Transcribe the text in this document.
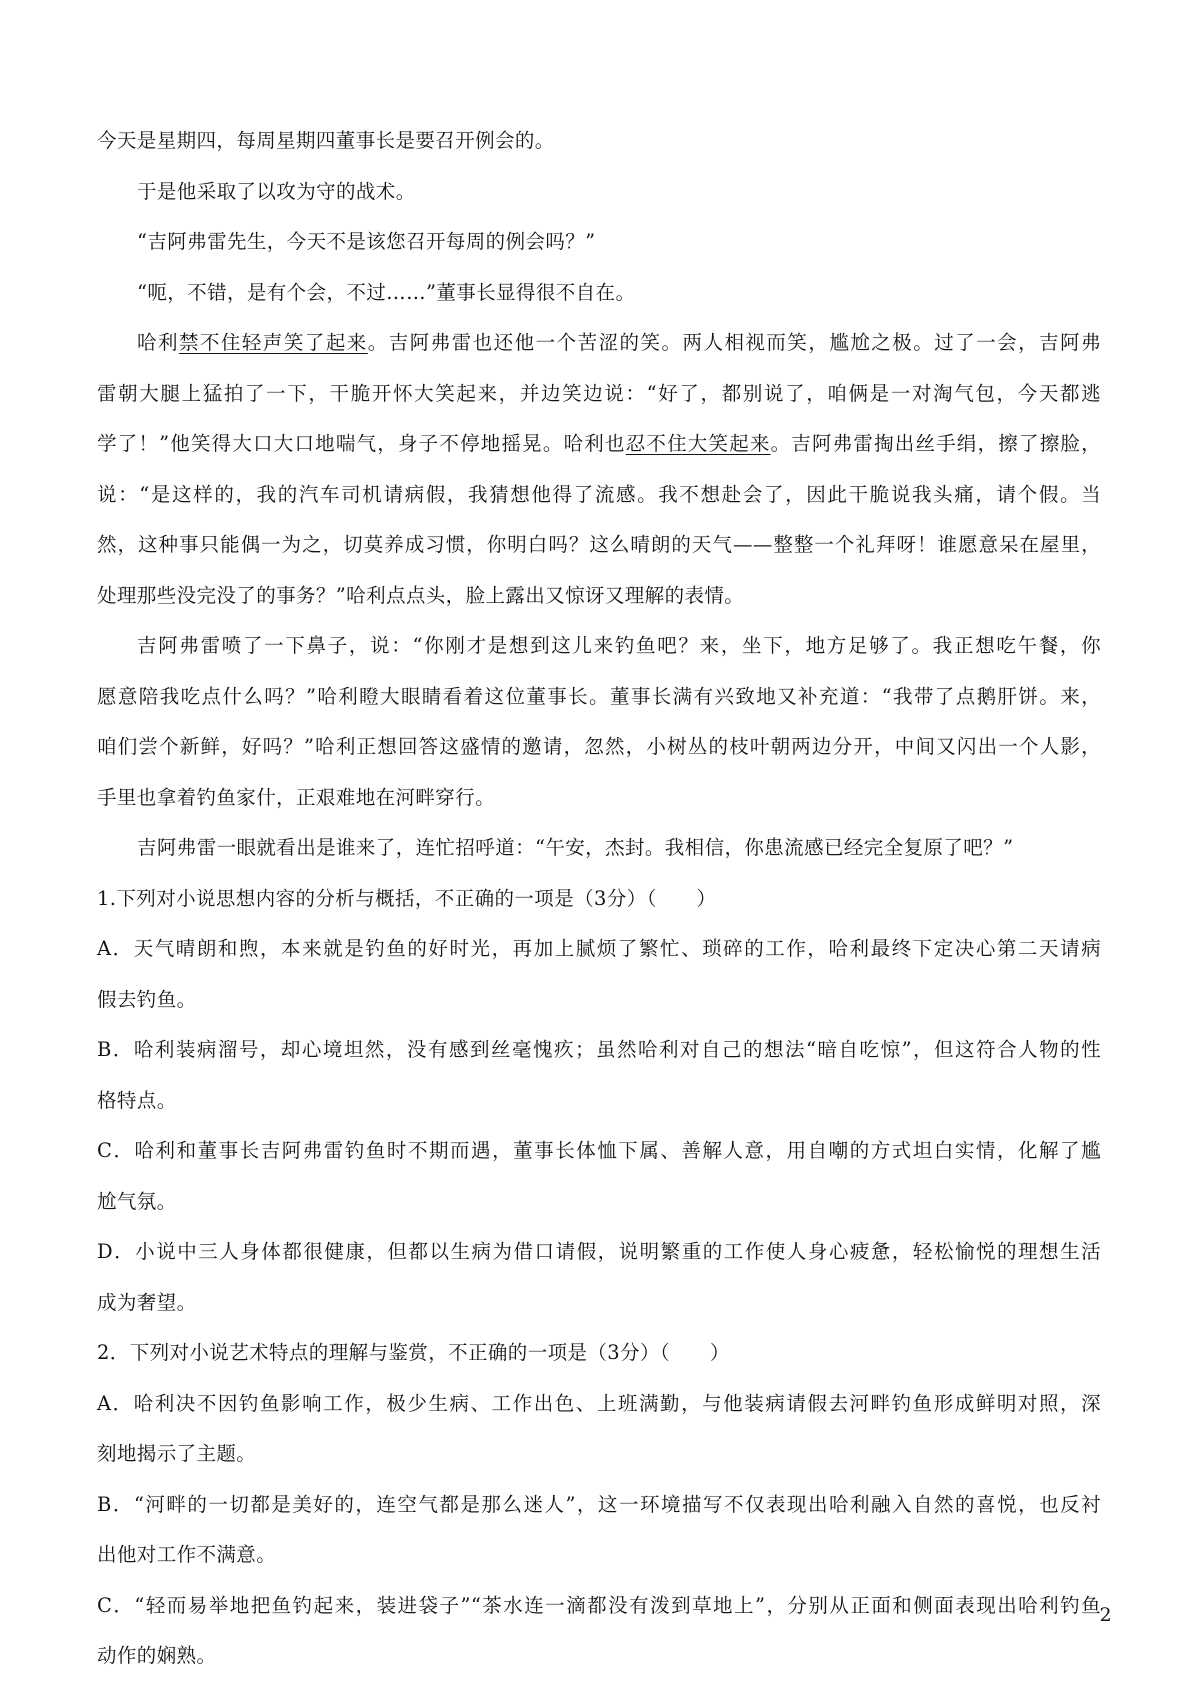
今天是星期四，每周星期四董事长是要召开例会的。

于是他采取了以攻为守的战术。

“吉阿弗雷先生，今天不是该您召开每周的例会吗？”

“呃，不错，是有个会，不过……”董事长显得很不自在。

哈利禁不住轻声笑了起来。吉阿弗雷也还他一个苦涩的笑。两人相视而笑，尴尬之极。过了一会，吉阿弗

雷朝大腿上猛拍了一下，干脆开怀大笑起来，并边笑边说：“好了，都别说了，咱俩是一对淘气包，今天都逃

学了！”他笑得大口大口地喘气，身子不停地摇晃。哈利也忍不住大笑起来。吉阿弗雷掏出丝手绢，擦了擦脸，

说：“是这样的，我的汽车司机请病假，我猜想他得了流感。我不想赴会了，因此干脆说我头痛，请个假。当

然，这种事只能偶一为之，切莫养成习惯，你明白吗？这么晴朗的天气——整整一个礼拜呀！谁愿意呆在屋里，

处理那些没完没了的事务？”哈利点点头，脸上露出又惊讶又理解的表情。

吉阿弗雷喷了一下鼻子，说：“你刚才是想到这儿来钓鱼吧？来，坐下，地方足够了。我正想吃午餐，你

愿意陪我吃点什么吗？”哈利瞪大眼睛看着这位董事长。董事长满有兴致地又补充道：“我带了点鹅肝饼。来，

咱们尝个新鲜，好吗？”哈利正想回答这盛情的邀请，忽然，小树丛的枝叶朝两边分开，中间又闪出一个人影，

手里也拿着钓鱼家什，正艰难地在河畔穿行。

吉阿弗雷一眼就看出是谁来了，连忙招呼道：“午安，杰封。我相信，你患流感已经完全复原了吧？”

1.下列对小说思想内容的分析与概括，不正确的一项是（3分）（　　）

A．天气晴朗和煦，本来就是钓鱼的好时光，再加上腻烦了繁忙、琐碎的工作，哈利最终下定决心第二天请病

假去钓鱼。

B．哈利装病溜号，却心境坦然，没有感到丝毫愧疚；虽然哈利对自己的想法“暗自吃惊”，但这符合人物的性

格特点。

C．哈利和董事长吉阿弗雷钓鱼时不期而遇，董事长体恤下属、善解人意，用自嘲的方式坦白实情，化解了尴

尬气氛。

D．小说中三人身体都很健康，但都以生病为借口请假，说明繁重的工作使人身心疲惫，轻松愉悦的理想生活

成为奢望。

2．下列对小说艺术特点的理解与鉴赏，不正确的一项是（3分）（　　）

A．哈利决不因钓鱼影响工作，极少生病、工作出色、上班满勤，与他装病请假去河畔钓鱼形成鲜明对照，深

刻地揭示了主题。

B．“河畔的一切都是美好的，连空气都是那么迷人”，这一环境描写不仅表现出哈利融入自然的喜悦，也反衬

出他对工作不满意。

C．“轻而易举地把鱼钓起来，装进袋子”“茶水连一滴都没有泼到草地上”，分别从正面和侧面表现出哈利钓鱼

动作的娴熟。

2
